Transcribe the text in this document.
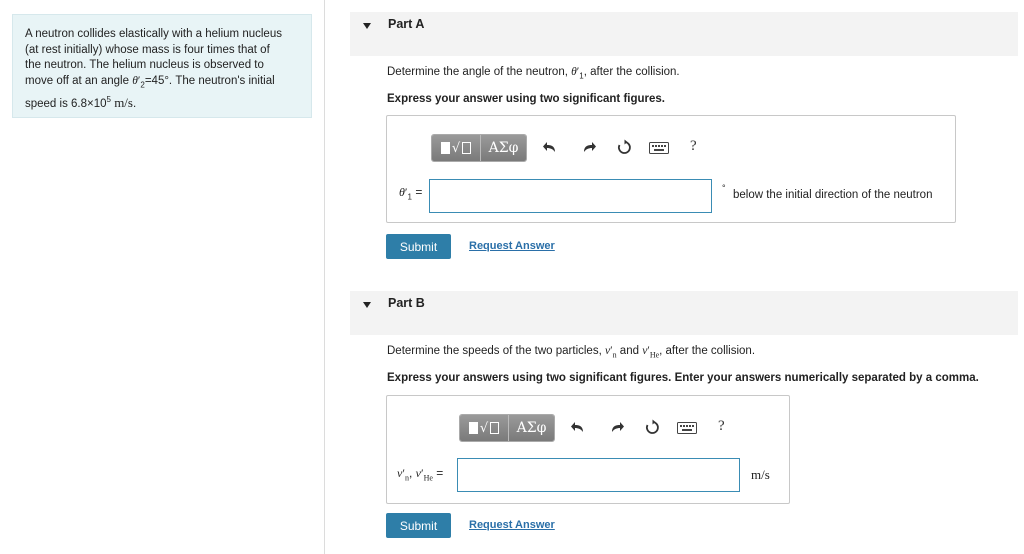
A neutron collides elastically with a helium nucleus
(at rest initially) whose mass is four times that of
the neutron. The helium nucleus is observed to
move off at an angle $\theta'_2=45^\circ$. The neutron's initial
speed is $6.8\times 10^5$ m/s.
Part A
Determine the angle of the neutron, $\theta'_1$, after the collision.
Express your answer using two significant figures.
√	ΑΣφ	?
$\theta'_1$ =	°
below the initial direction of the neutron
Submit	Request Answer
Part B
Determine the speeds of the two particles, $v'_n$ and $v'_{He}$, after the collision.
Express your answers using two significant figures. Enter your answers numerically separated by a comma.
√	ΑΣφ	?
$v'_n$, $v'_{He}$ =	m/s
Submit	Request Answer
